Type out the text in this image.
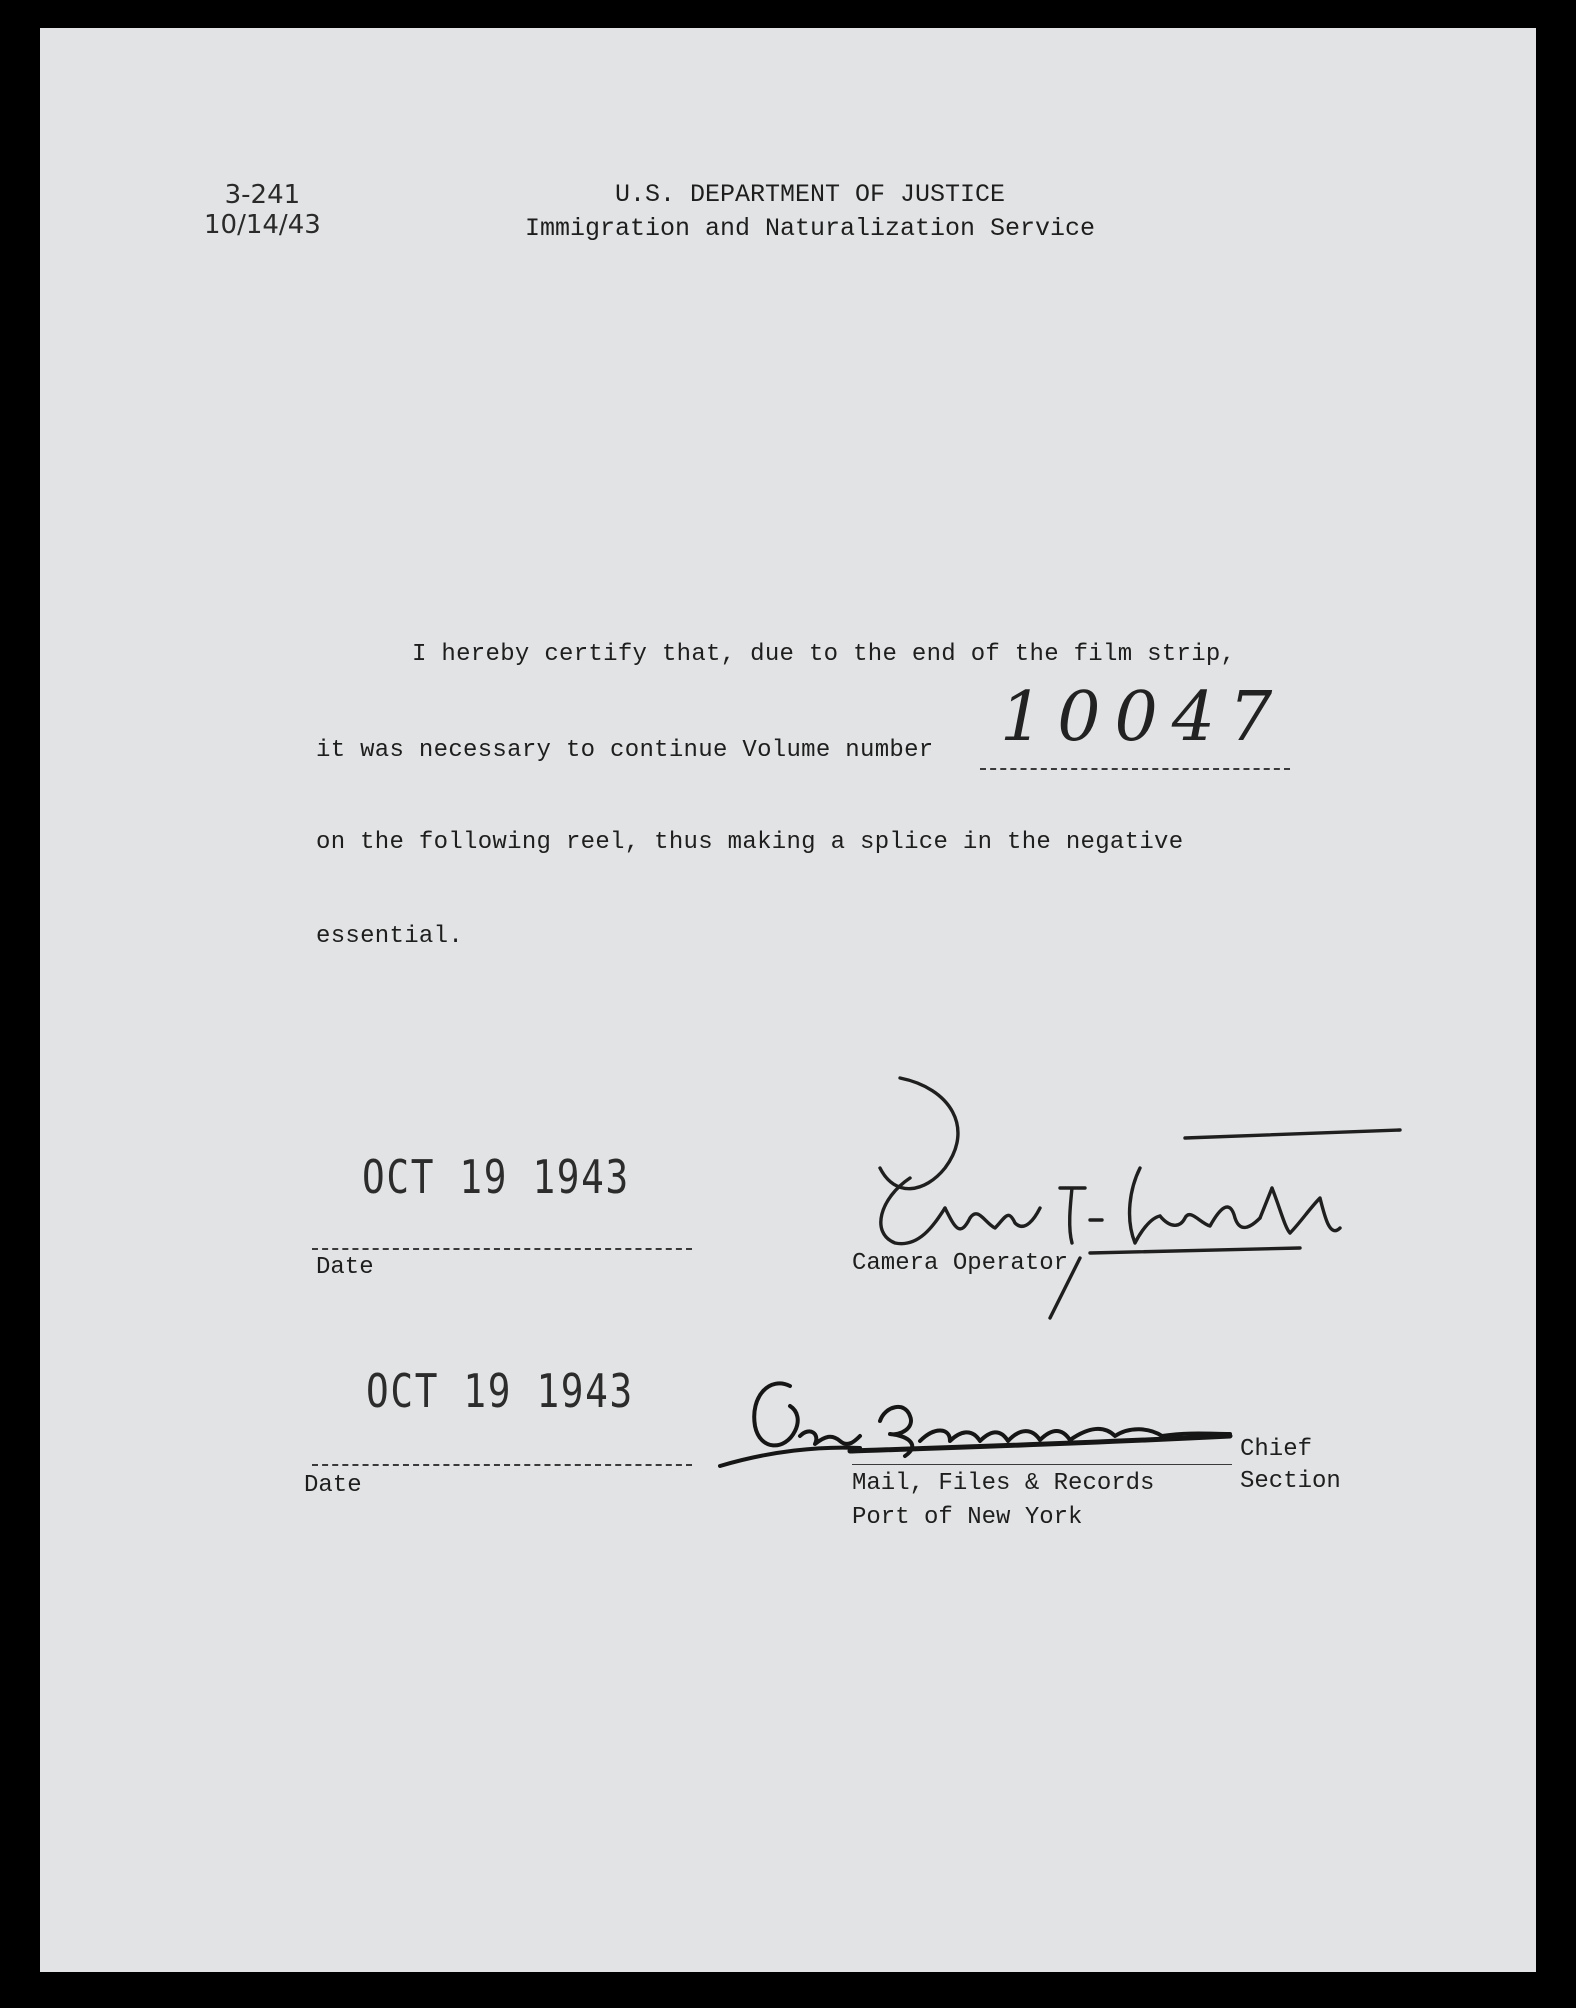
3-241
10/14/43
U.S. DEPARTMENT OF JUSTICE
Immigration and Naturalization Service
I hereby certify that, due to the end of the film strip,
it was necessary to continue Volume number 10047
on the following reel, thus making a splice in the negative
essential.
OCT 19 1943
Date	Camera Operator
OCT 19 1943
Date
Chief
Mail, Files & Records	Section
Port of New York
